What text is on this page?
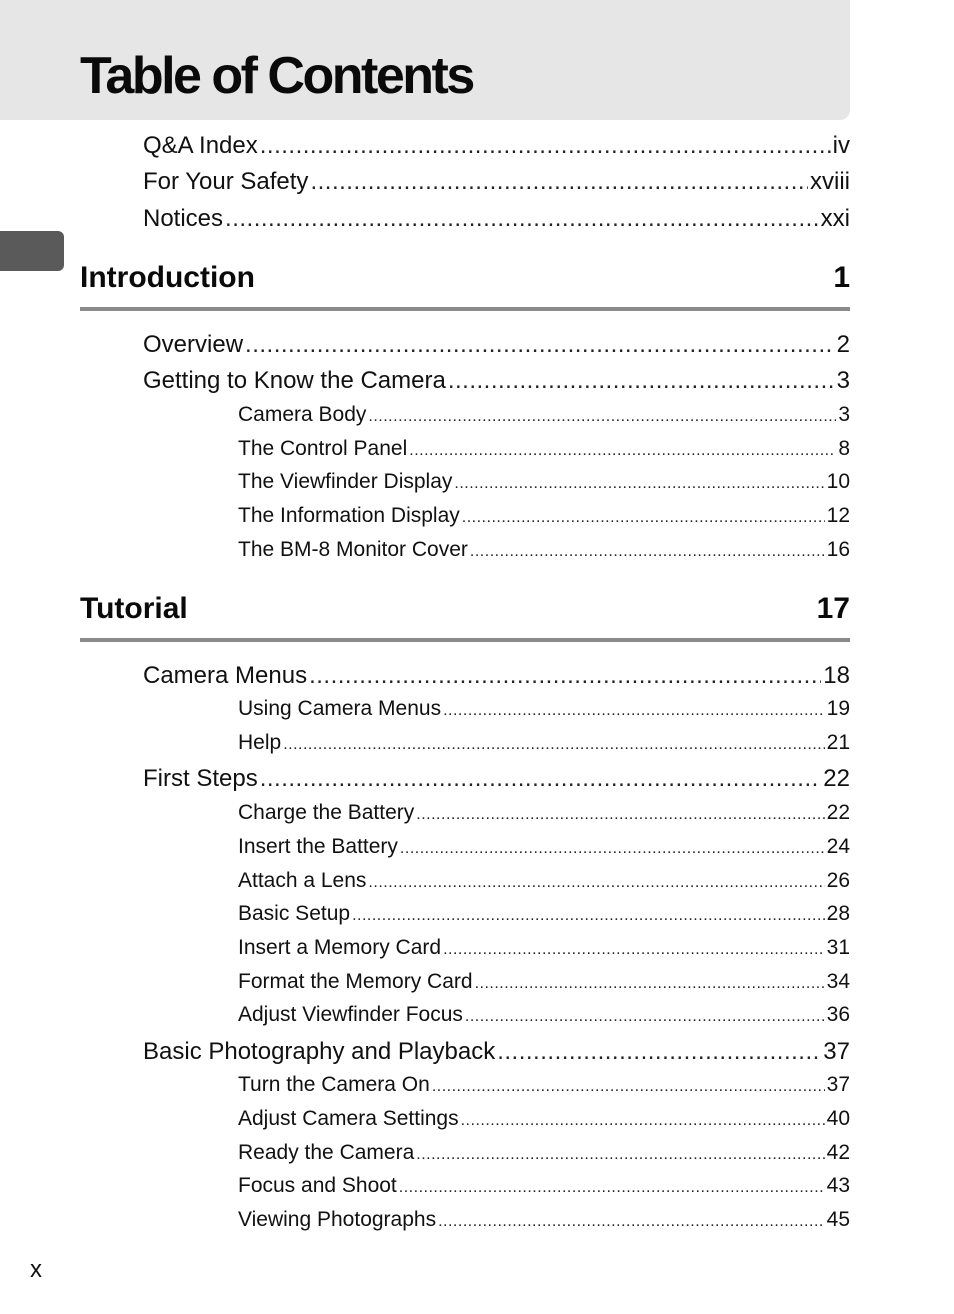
Table of Contents
Q&A Index .....	iv
For Your Safety .....	xviii
Notices .....	xxi
Introduction	1
Overview .....	2
Getting to Know the Camera .....	3
Camera Body .....	3
The Control Panel .....	8
The Viewfinder Display .....	10
The Information Display .....	12
The BM-8 Monitor Cover .....	16
Tutorial	17
Camera Menus .....	18
Using Camera Menus .....	19
Help .....	21
First Steps .....	22
Charge the Battery .....	22
Insert the Battery .....	24
Attach a Lens .....	26
Basic Setup .....	28
Insert a Memory Card .....	31
Format the Memory Card .....	34
Adjust Viewfinder Focus .....	36
Basic Photography and Playback .....	37
Turn the Camera On .....	37
Adjust Camera Settings .....	40
Ready the Camera .....	42
Focus and Shoot .....	43
Viewing Photographs .....	45
x
